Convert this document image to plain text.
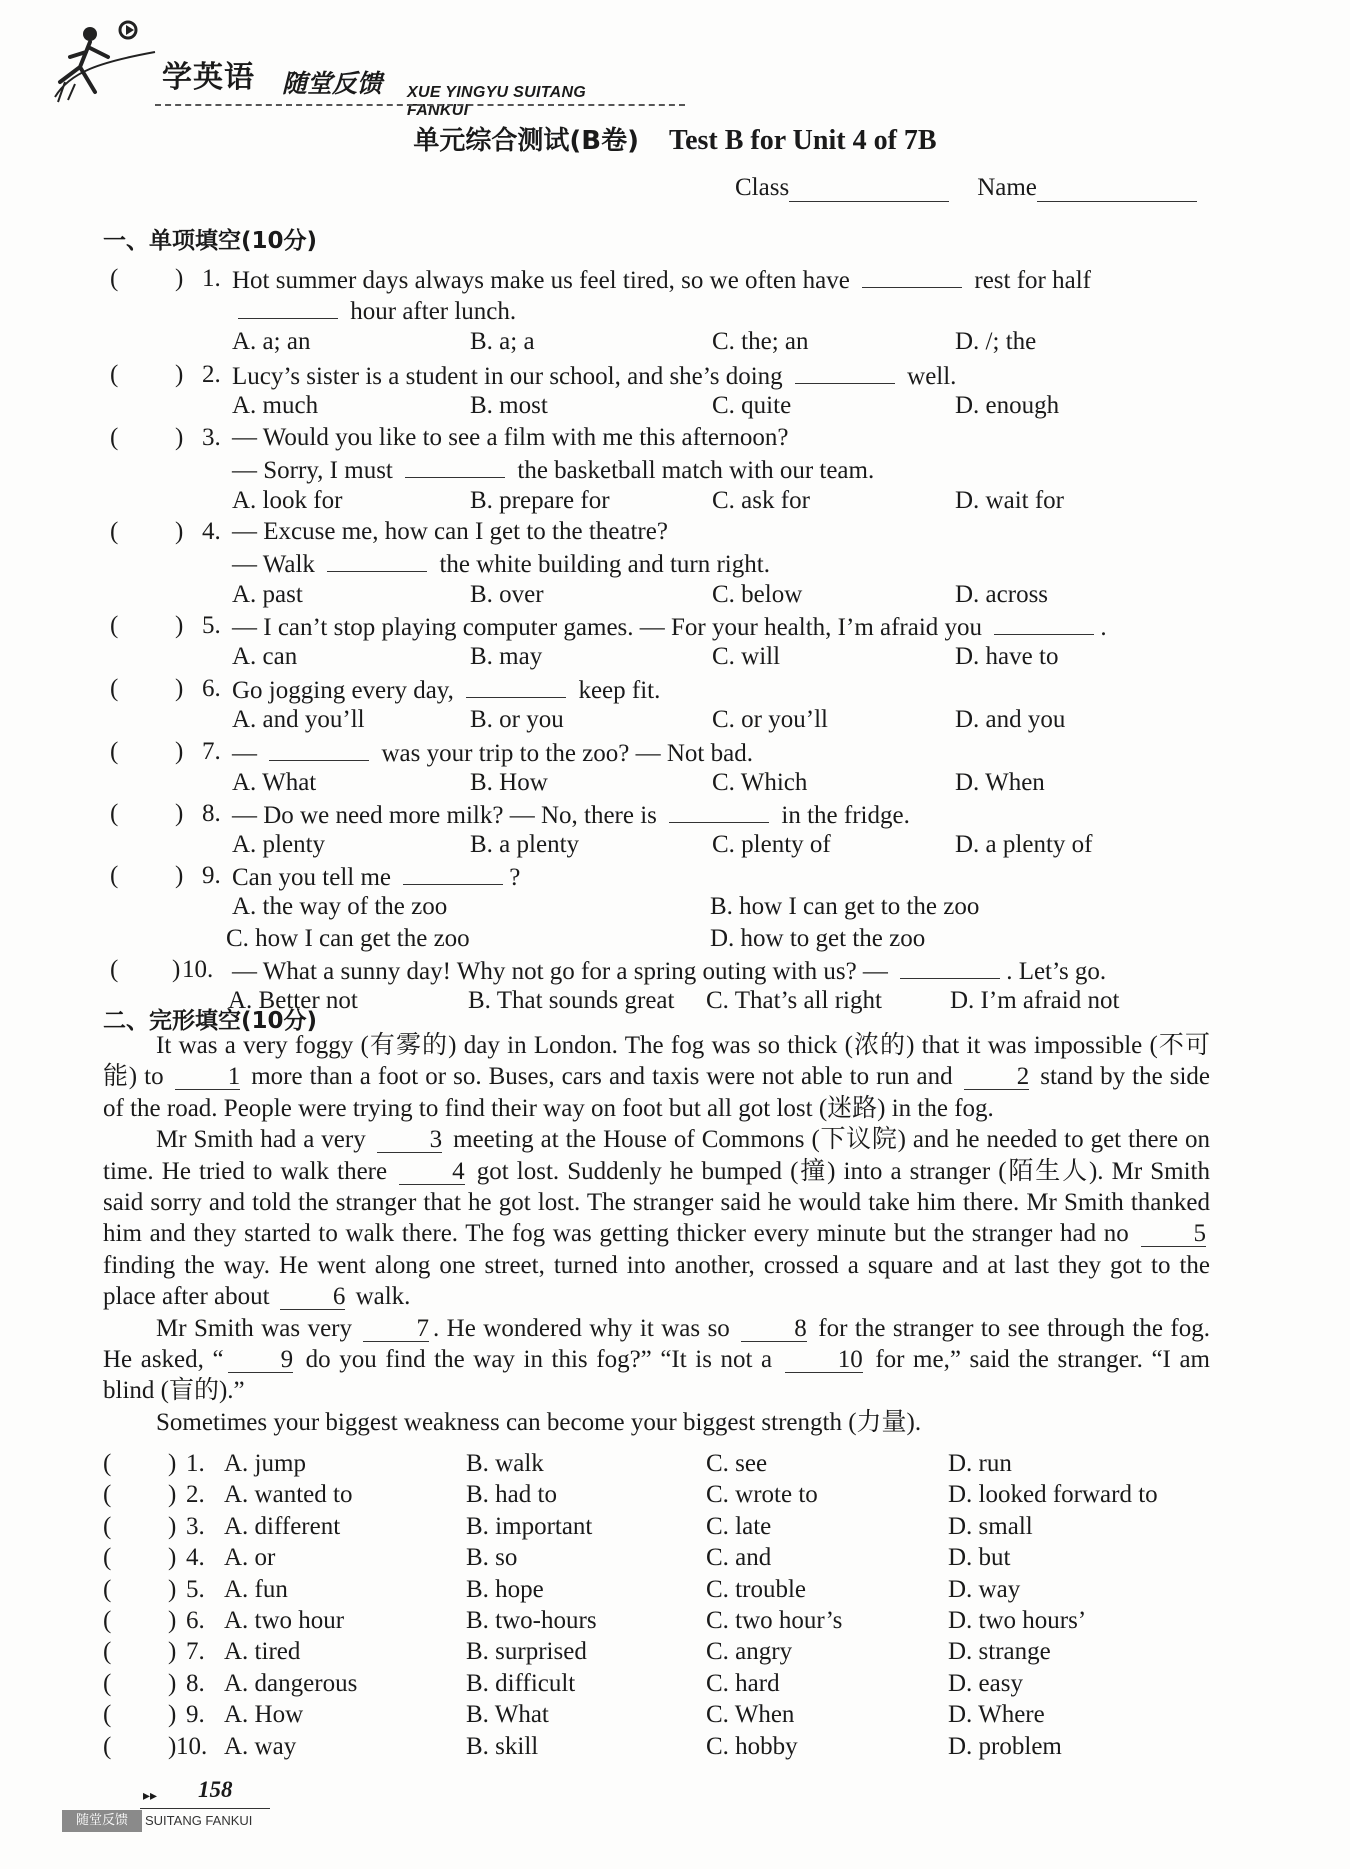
学英语 随堂反馈 XUE YINGYU SUITANG FANKUI
单元综合测试(B卷) Test B for Unit 4 of 7B
Class	Name
一、单项填空(10分)
( ) 1. Hot summer days always make us feel tired, so we often have	rest for half
hour after lunch.
A. a; an	B. a; a	C. the; an	D. /; the
( ) 2. Lucy’s sister is a student in our school, and she’s doing	well.
A. much	B. most	C. quite	D. enough
( ) 3. — Would you like to see a film with me this afternoon?
— Sorry, I must	the basketball match with our team.
A. look for	B. prepare for	C. ask for	D. wait for
( ) 4. — Excuse me, how can I get to the theatre?
— Walk	the white building and turn right.
A. past	B. over	C. below	D. across
( ) 5. — I can’t stop playing computer games. — For your health, I’m afraid you	.
A. can	B. may	C. will	D. have to
( ) 6. Go jogging every day,	keep fit.
A. and you’ll	B. or you	C. or you’ll	D. and you
( ) 7. —	was your trip to the zoo? — Not bad.
A. What	B. How	C. Which	D. When
( ) 8. — Do we need more milk? — No, there is	in the fridge.
A. plenty	B. a plenty	C. plenty of	D. a plenty of
( ) 9. Can you tell me	?
A. the way of the zoo	B. how I can get to the zoo
C. how I can get the zoo	D. how to get the zoo
( ) 10. — What a sunny day! Why not go for a spring outing with us? —	. Let’s go.
A. Better not	B. That sounds great C. That’s all right	D. I’m afraid not
二、完形填空(10分)

It was a very foggy (有雾的) day in London. The fog was so thick (浓的) that it was impossible (不可能) to 1 more than a foot or so. Buses, cars and taxis were not able to run and 2 stand by the side of the road. People were trying to find their way on foot but all got lost (迷路) in the fog.

Mr Smith had a very 3 meeting at the House of Commons (下议院) and he needed to get there on time. He tried to walk there 4 got lost. Suddenly he bumped (撞) into a stranger (陌生人). Mr Smith said sorry and told the stranger that he got lost. The stranger said he would take him there. Mr Smith thanked him and they started to walk there. The fog was getting thicker every minute but the stranger had no 5 finding the way. He went along one street, turned into another, crossed a square and at last they got to the place after about 6 walk.

Mr Smith was very 7 . He wondered why it was so 8 for the stranger to see through the fog. He asked, “ 9 do you find the way in this fog?” “It is not a 10 for me,” said the stranger. “I am blind (盲的).”

Sometimes your biggest weakness can become your biggest strength (力量).

( ) 1. A. jump	B. walk	C. see	D. run
( ) 2. A. wanted to	B. had to	C. wrote to	D. looked forward to
( ) 3. A. different	B. important	C. late	D. small
( ) 4. A. or	B. so	C. and	D. but
( ) 5. A. fun	B. hope	C. trouble	D. way
( ) 6. A. two hour	B. two-hours	C. two hour’s	D. two hours’
( ) 7. A. tired	B. surprised	C. angry	D. strange
( ) 8. A. dangerous	B. difficult	C. hard	D. easy
( ) 9. A. How	B. What	C. When	D. Where
( ) 10. A. way	B. skill	C. hobby	D. problem
▸▸ 158
随堂反馈	SUITANG FANKUI
